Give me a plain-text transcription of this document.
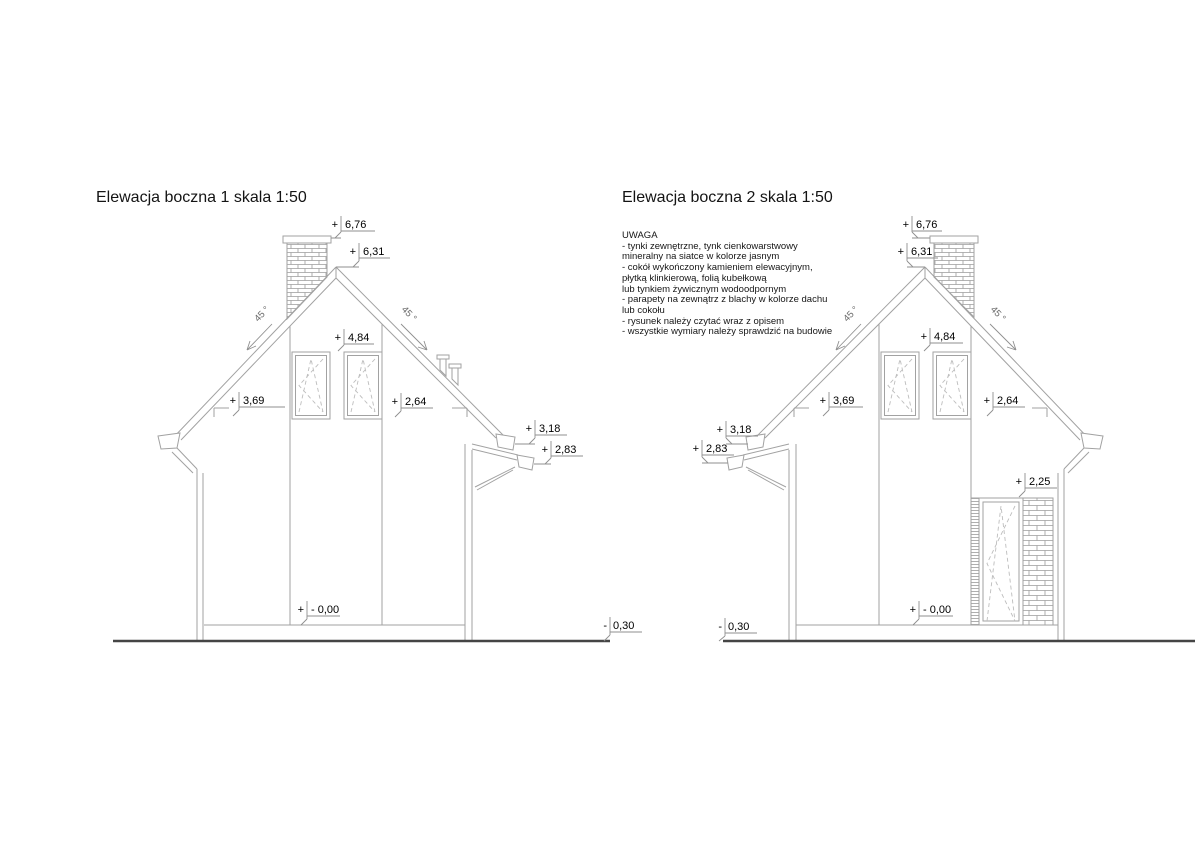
Elewacja boczna 1 skala 1:50	Elewacja boczna 2 skala 1:50
UWAGA
- tynki zewnętrzne, tynk cienkowarstwowy
mineralny na siatce w kolorze jasnym
- cokół wykończony kamieniem elewacyjnym,
płytką klinkierową, folią kubełkową
lub tynkiem żywicznym wodoodpornym
- parapety na zewnątrz z blachy w kolorze dachu
lub cokołu
- rysunek należy czytać wraz z opisem
- wszystkie wymiary należy sprawdzić na budowie
45 °	45 °
+ 6,76
+ 6,31
+ 4,84
+ 3,69	+ 2,64
+ 3,18
+ 2,83
+ - 0,00
- 0,30
45 °	45 °
+ 6,76
+ 6,31
+ 4,84
+ 3,69	+ 2,64
+ 3,18
+ 2,83
+ 2,25
+ - 0,00
- 0,30
